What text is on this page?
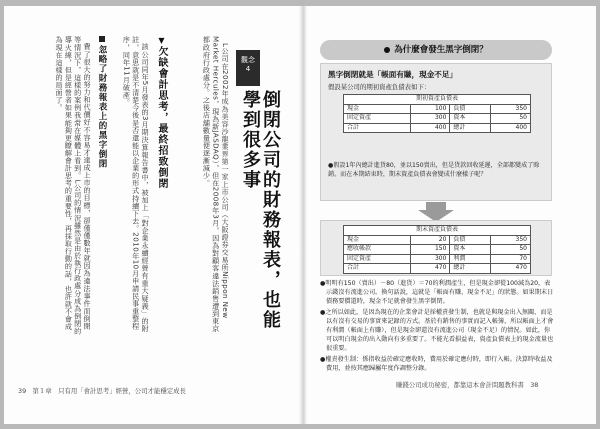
L公司在2002年成為美容沙龍業界第一家上市公司（大阪證券交易所Nippon New Market Hercules，現為新JASDAQ），但在2008年3月，因為對顧客違法銷售遭到東京都政府行政處分。之後店舖數量便逐漸減少。

▼欠缺會計思考，最終招致倒閉

該公司同年5月發表的3月期決算報告書中，被加上「對企業永續經營有重大疑義」的附註，意思就是不清楚今後是否還能以企業的形式持續下去。2010年10月申請民事重整程序，同年11月破產。

忽略了財務報表上的黑字倒閉

費了很大的努力和代價好不容易才達成上市的目標，卻僅僅數年就因為違法事件而倒閉等情況下，這樣的案例我常在媒體上看到。L公司的情況雖然是由於執行政處分成為倒閉的導火線，但是經營者如果能夠更瞭解會計思考的重要性，再採取行動的話，也許就不會成為現在這樣的局面了。	觀念
4
倒閉公司的財務報表，也能學到很多事
39　第１章　只有用「會計思考」經營，公司才能穩定成長
為什麼會發生黑字倒閉？
黑字倒閉就是「帳面有賺，現金不足」
假設某公司的期初資產負債表如下：
期初資產負債表			
現金	100	負債	350
固定資產	300	資本	50
合計	400	總計	400
●假設1年內總計進貨80，並以150賣出，但是貨款回收延遲，全部都變成了賒銷。而在本期結束時，期末資產負債表會變成什麼樣子呢？
期末資產負債表			
現金	20	負債	350
應收帳款	150	資本	50
固定資產	300	利潤	70
合計	470	總計	470

●明明有150（賣出）－80（進貨）＝70的利潤產生，但是現金卻從100減為20，表示錢沒有流進公司。換句話說，這就是「帳面有賺，現金不足」的狀態。如果期末日債務要償還時，現金不足就會發生黑字倒閉。

●之所以如此，是因為現在的企業會計是採權責發生制，也就是與現金出入無關，而是以有沒有交易的事實來記錄的方式。基於有銷售的事實而記入帳簿，所以帳面上才會有利潤（帳面上有賺），但是現金卻還沒有流進公司（現金不足）的情況。如此，你可以明白現金的出入動向有多重要了。不能光看損益表，資產負債表上的現金流量也很重要。

●權責發生制：係指收益於確定應收時，費用於確定應付時，即行入帳。決算時收益及費用，並按其應歸屬年度作調整分錄。

賺錢公司成功秘密，都靠這本會計問題教科書　38
